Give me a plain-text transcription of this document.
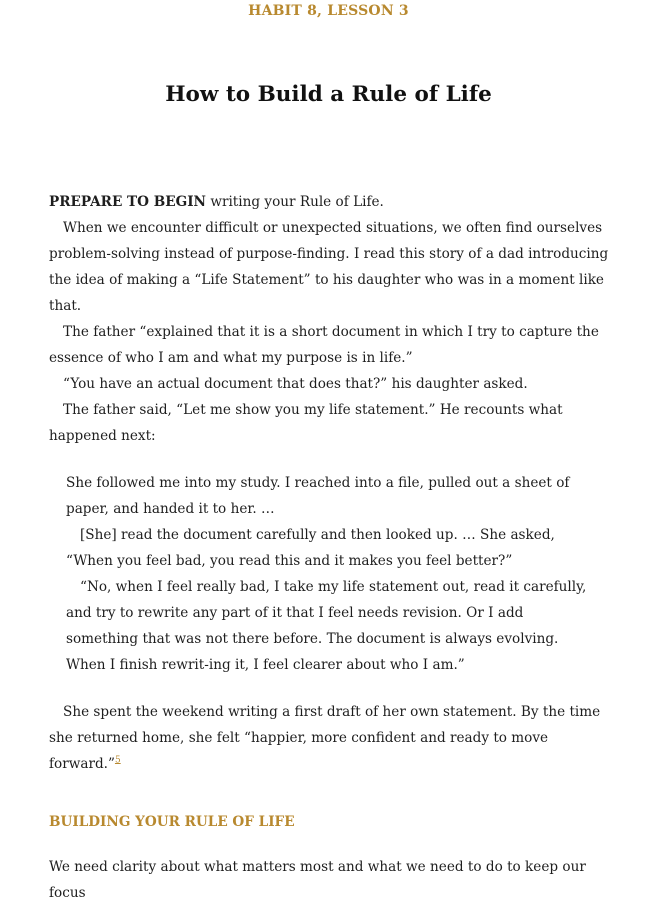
HABIT 8, LESSON 3
How to Build a Rule of Life

PREPARE TO BEGIN writing your Rule of Life.

When we encounter difficult or unexpected situations, we often find ourselves problem-solving instead of purpose-finding. I read this story of a dad introducing the idea of making a “Life Statement” to his daughter who was in a moment like that.

The father “explained that it is a short document in which I try to capture the essence of who I am and what my purpose is in life.”

“You have an actual document that does that?” his daughter asked.

The father said, “Let me show you my life statement.” He recounts what happened next:

She followed me into my study. I reached into a file, pulled out a sheet of paper, and handed it to her. …

[She] read the document carefully and then looked up. … She asked, “When you feel bad, you read this and it makes you feel better?”

“No, when I feel really bad, I take my life statement out, read it carefully, and try to rewrite any part of it that I feel needs revision. Or I add something that was not there before. The document is always evolving. When I finish rewrit-ing it, I feel clearer about who I am.”

She spent the weekend writing a first draft of her own statement. By the time she returned home, she felt “happier, more confident and ready to move forward.”$^5$

BUILDING YOUR RULE OF LIFE

We need clarity about what matters most and what we need to do to keep our focus
